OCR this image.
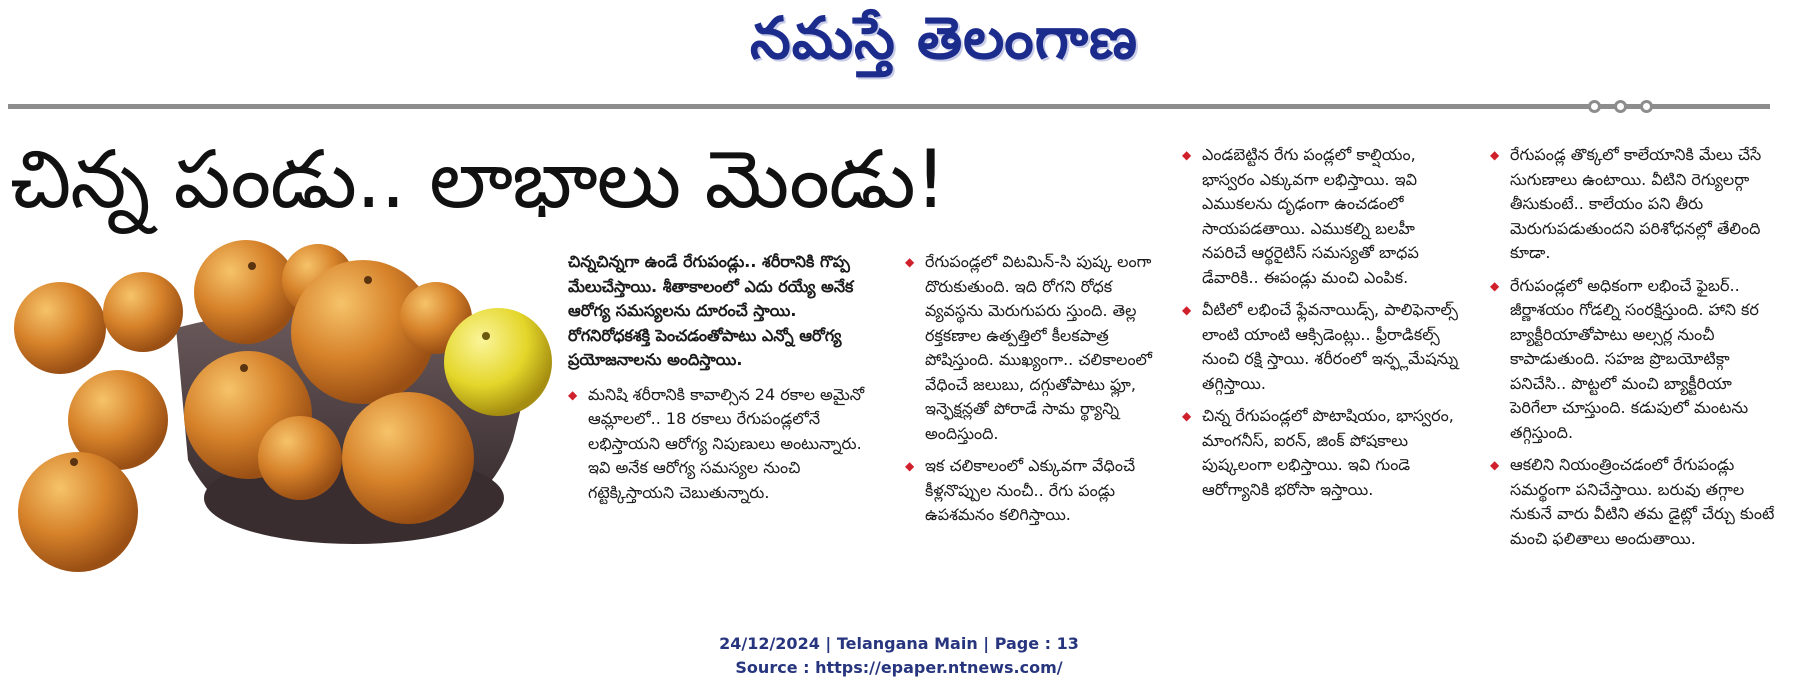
నమస్తే తెలంగాణ
చిన్న పండు.. లాభాలు మెండు!

చిన్నచిన్నగా ఉండే రేగుపండ్లు.. శరీరానికి గొప్ప మేలుచేస్తాయి. శీతాకాలంలో ఎదు రయ్యే అనేక ఆరోగ్య సమస్యలను దూరంచే స్తాయి. రోగనిరోధకశక్తి పెంచడంతోపాటు ఎన్నో ఆరోగ్య ప్రయోజనాలను అందిస్తాయి.

◆ మనిషి శరీరానికి కావాల్సిన 24 రకాల అమైనో ఆమ్లాలలో.. 18 రకాలు రేగుపండ్లలోనే లభిస్తాయని ఆరోగ్య నిపుణులు అంటున్నారు. ఇవి అనేక ఆరోగ్య సమస్యల నుంచి గట్టెక్కిస్తాయని చెబుతున్నారు.

◆ రేగుపండ్లలో విటమిన్-సి పుష్క లంగా దొరుకుతుంది. ఇది రోగని రోధక వ్యవస్థను మెరుగుపరు స్తుంది. తెల్ల రక్తకణాల ఉత్పత్తిలో కీలకపాత్ర పోషిస్తుంది. ముఖ్యంగా.. చలికాలంలో వేధించే జలుబు, దగ్గుతోపాటు ఫ్లూ, ఇన్ఫెక్షన్లతో పోరాడే సామ ర్థ్యాన్ని అందిస్తుంది.

◆ ఇక చలికాలంలో ఎక్కువగా వేధించే కీళ్లనొప్పుల నుంచీ.. రేగు పండ్లు ఉపశమనం కలిగిస్తాయి.

◆ ఎండబెట్టిన రేగు పండ్లలో కాల్షియం, భాస్వరం ఎక్కువగా లభిస్తాయి. ఇవి ఎముకలను దృఢంగా ఉంచడంలో సాయపడతాయి. ఎముకల్ని బలహీ నపరిచే ఆర్థరైటిస్ సమస్యతో బాధప డేవారికి.. ఈపండ్లు మంచి ఎంపిక.

◆ వీటిలో లభించే ఫ్లేవనాయిడ్స్, పాలిఫెనాల్స్ లాంటి యాంటి ఆక్సిడెంట్లు.. ఫ్రీరాడికల్స్ నుంచి రక్షి స్తాయి. శరీరంలో ఇన్ఫ్లమేషన్ను తగ్గిస్తాయి.

◆ చిన్న రేగుపండ్లలో పొటాషియం, భాస్వరం, మాంగనీస్, ఐరన్, జింక్ పోషకాలు పుష్కలంగా లభిస్తాయి. ఇవి గుండె ఆరోగ్యానికి భరోసా ఇస్తాయి.

◆ రేగుపండ్ల తొక్కలో కాలేయానికి మేలు చేసే సుగుణాలు ఉంటాయి. వీటిని రెగ్యులర్గా తీసుకుంటే.. కాలేయం పని తీరు మెరుగుపడుతుందని పరిశోధనల్లో తేలింది కూడా.

◆ రేగుపండ్లలో అధికంగా లభించే ఫైబర్.. జీర్ణాశయం గోడల్ని సంరక్షిస్తుంది. హాని కర బ్యాక్టీరియాతోపాటు అల్సర్ల నుంచీ కాపాడుతుంది. సహజ ప్రొబయోటిక్గా పనిచేసి.. పొట్టలో మంచి బ్యాక్టీరియా పెరిగేలా చూస్తుంది. కడుపులో మంటను తగ్గిస్తుంది.

◆ ఆకలిని నియంత్రించడంలో రేగుపండ్లు సమర్థంగా పనిచేస్తాయి. బరువు తగ్గాల నుకునే వారు వీటిని తమ డైట్లో చేర్చు కుంటే మంచి ఫలితాలు అందుతాయి.

24/12/2024 | Telangana Main | Page : 13
Source : https://epaper.ntnews.com/
